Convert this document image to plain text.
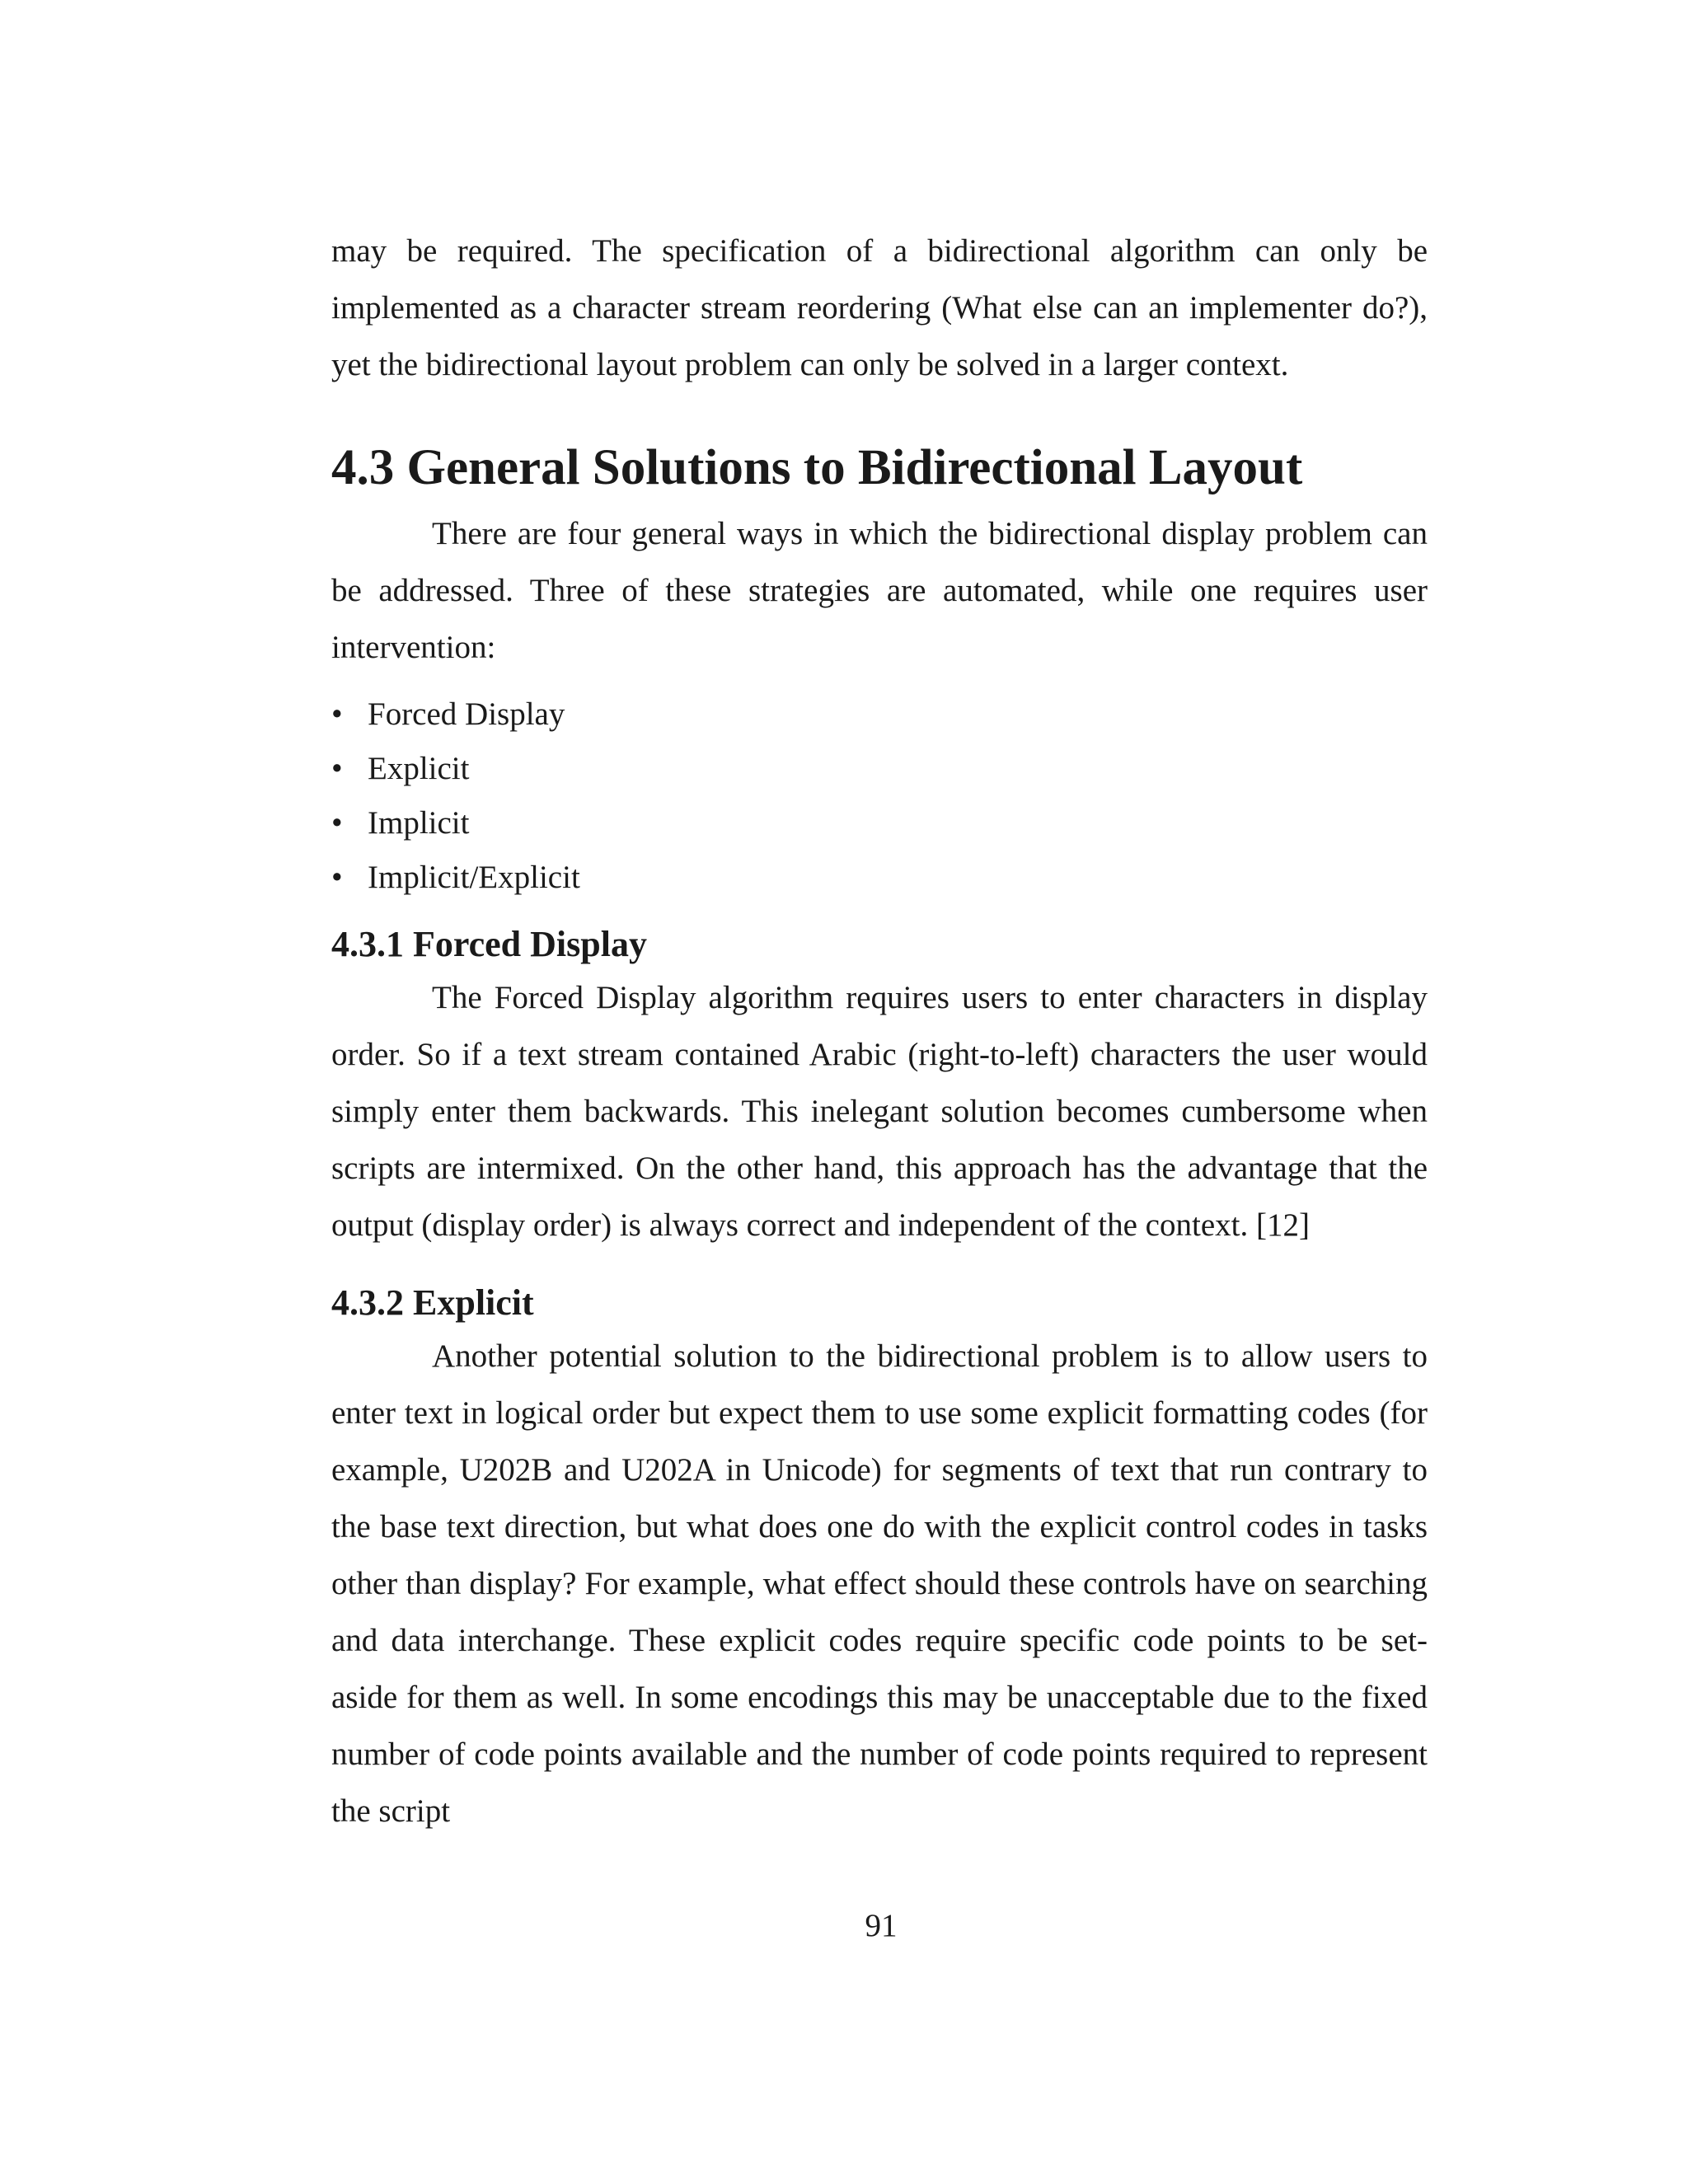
may be required. The specification of a bidirectional algorithm can only be implemented as a character stream reordering (What else can an implementer do?), yet the bidirectional layout problem can only be solved in a larger context.

4.3 General Solutions to Bidirectional Layout

There are four general ways in which the bidirectional display problem can be addressed. Three of these strategies are automated, while one requires user intervention:

• Forced Display
• Explicit
• Implicit
• Implicit/Explicit
4.3.1 Forced Display

The Forced Display algorithm requires users to enter characters in display order. So if a text stream contained Arabic (right-to-left) characters the user would simply enter them backwards. This inelegant solution becomes cumbersome when scripts are intermixed. On the other hand, this approach has the advantage that the output (display order) is always correct and independent of the context. [12]

4.3.2 Explicit

Another potential solution to the bidirectional problem is to allow users to enter text in logical order but expect them to use some explicit formatting codes (for example, U202B and U202A in Unicode) for segments of text that run contrary to the base text direction, but what does one do with the explicit control codes in tasks other than display? For example, what effect should these controls have on searching and data interchange. These explicit codes require specific code points to be set-aside for them as well. In some encodings this may be unacceptable due to the fixed number of code points available and the number of code points required to represent the script

91
